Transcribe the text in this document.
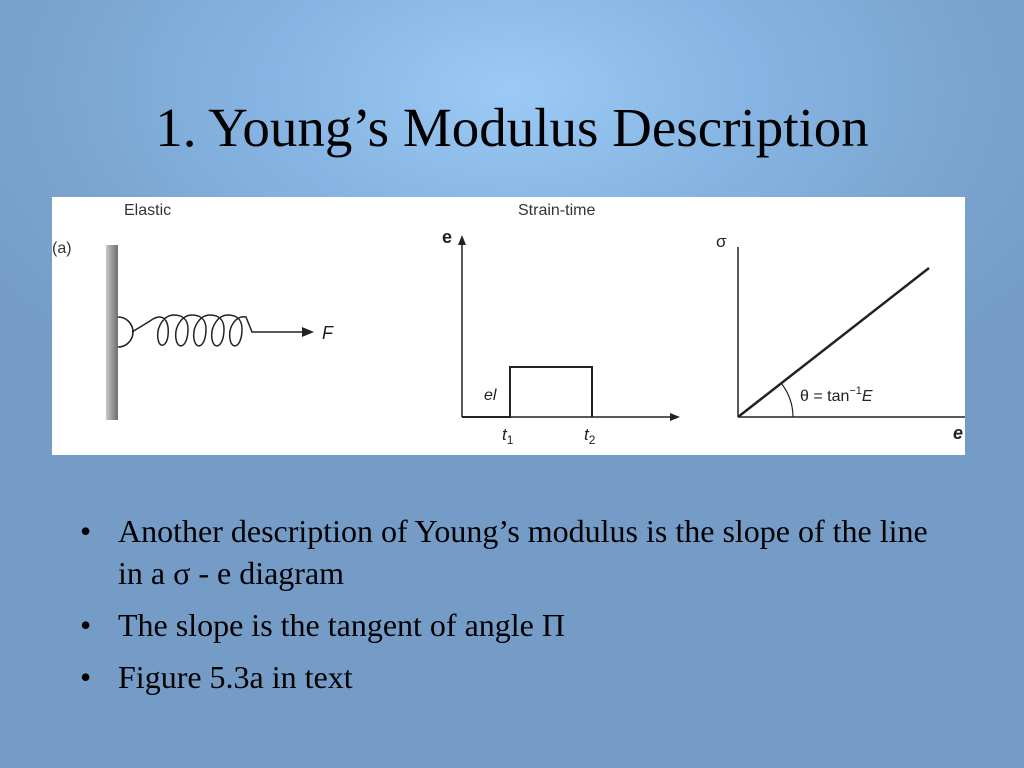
1. Young’s Modulus Description
(a)
Elastic
F
Strain-time
e
el
$t_1$	$t_2$
σ
e
$\theta = \tan^{-1}E$
• Another description of Young’s modulus is the slope of the line in a σ - e diagram
• The slope is the tangent of angle Π
• Figure 5.3a in text
